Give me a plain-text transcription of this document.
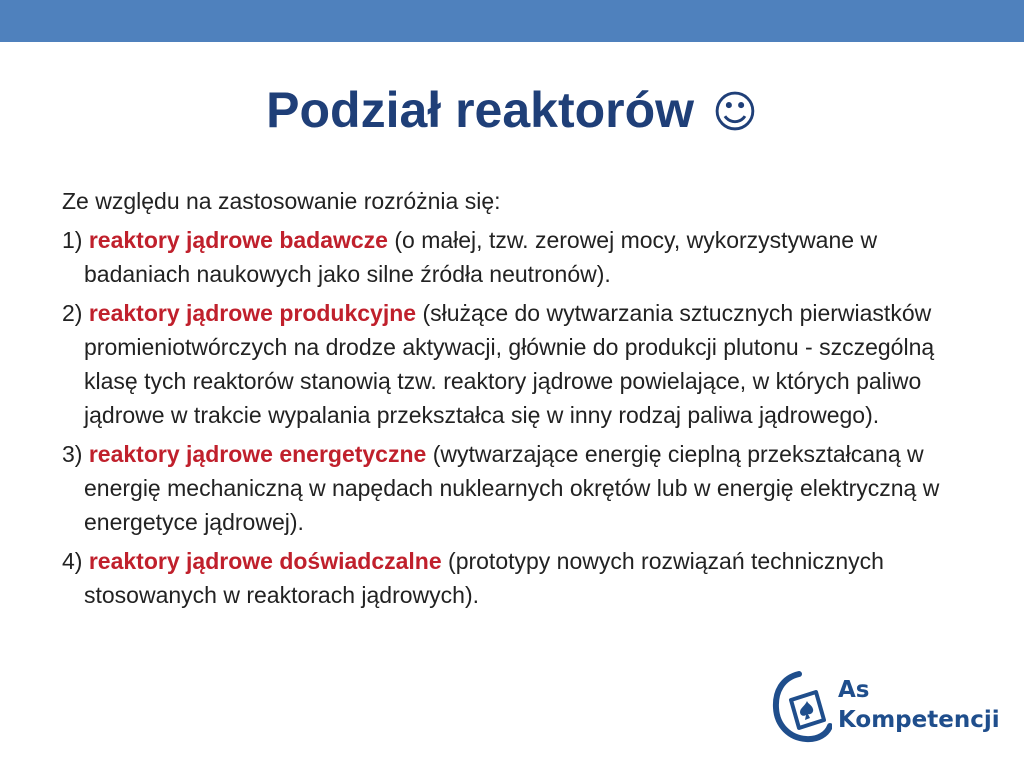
Podział reaktorów ☺

Ze względu na zastosowanie rozróżnia się:

1) reaktory jądrowe badawcze (o małej, tzw. zerowej mocy, wykorzystywane w badaniach naukowych jako silne źródła neutronów).

2) reaktory jądrowe produkcyjne (służące do wytwarzania sztucznych pierwiastków promieniotwórczych na drodze aktywacji, głównie do produkcji plutonu - szczególną klasę tych reaktorów stanowią tzw. reaktory jądrowe powielające, w których paliwo jądrowe w trakcie wypalania przekształca się w inny rodzaj paliwa jądrowego).

3) reaktory jądrowe energetyczne (wytwarzające energię cieplną przekształcaną w energię mechaniczną w napędach nuklearnych okrętów lub w energię elektryczną w energetyce jądrowej).

4) reaktory jądrowe doświadczalne (prototypy nowych rozwiązań technicznych stosowanych w reaktorach jądrowych).

As
Kompetencji
